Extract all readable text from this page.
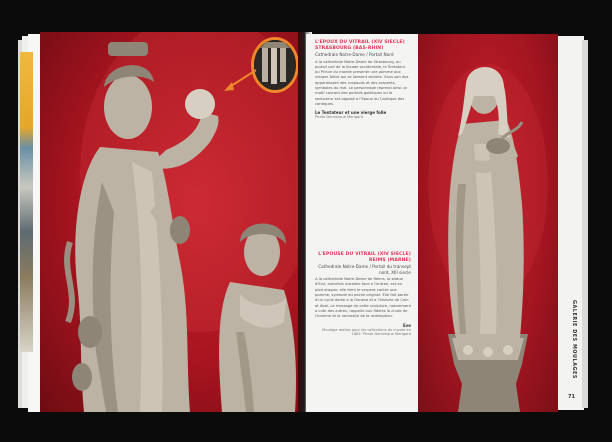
L'EPOUX DU VITRAIL (XIV SIECLE)
STRASBOURG (BAS-RHIN)
Cathedrale Notre-Dame / Portail Nord
A la cathedrale Notre-Dame de Strasbourg, au portail sud de la facade occidentale, le Tentateur ou Prince du monde presente une pomme aux vierges folles qui se laissent seduire. Sous son dos apparaissent des crapauds et des serpents, symboles du mal. Le personnage reprend ainsi un motif courant des portails gothiques ou le seducteur est opposé a l'Epoux du Cantique des cantiques.
Le Tentateur et une vierge folle
Photo Dominique Merigard
L'EPOUSE DU VITRAIL (XIV SIECLE)
REIMS (MARNE)
Cathedrale Notre-Dame / Portail du transept nord, XIII siecle
A la cathedrale Notre-Dame de Reims, la statue d'Eve, autrefois installee face a l'entree, est en pied dragon; elle tient le serpent contre une pomme, symbole du peche originel. Elle fait partie d'un cycle dedie a la Genese et a l'histoire de Cain et Abel. Le message de cette sculpture, notamment a cote des autres, rappelle aux fideles la chute de l'homme et la necessite de la redemption.
Eve
Moulage realise pour les collections du musee en 1882. Photo Dominique Merigard	GALERIE DES MOULAGES
71
